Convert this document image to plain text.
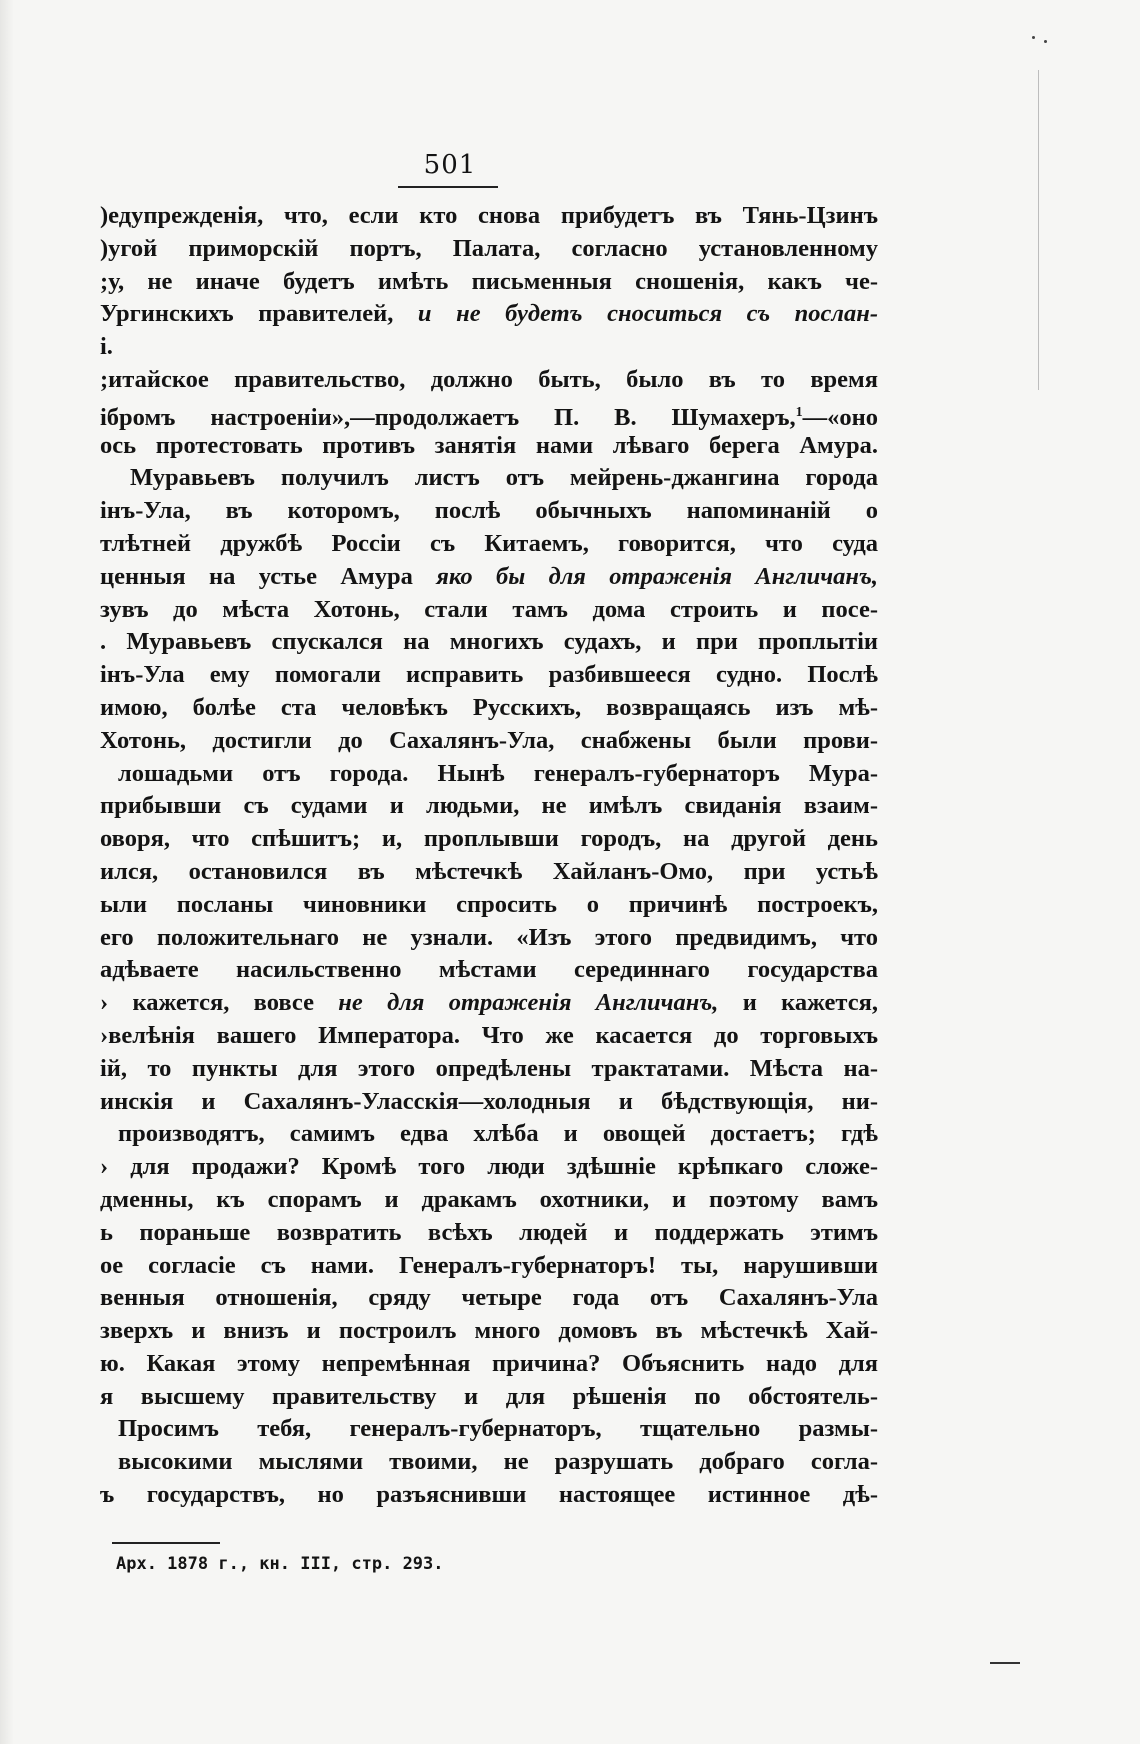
501
)едупрежденія, что, если кто снова прибудетъ въ Тянь-Цзинъ
)угой приморскій портъ, Палата, согласно установленному
;у, не иначе будетъ имѣть письменныя сношенія, какъ че-
Ургинскихъ правителей, и не будетъ сноситься съ послан-
і.
;итайское правительство, должно быть, было въ то время
ібромъ настроеніи»,—продолжаетъ П. В. Шумахеръ,$^1$—«оно
ось протестовать противъ занятія нами лѣваго берега Амура.
Муравьевъ получилъ листъ отъ мейрень-джангина города
інъ-Ула, въ которомъ, послѣ обычныхъ напоминаній о
тлѣтней дружбѣ Россіи съ Китаемъ, говорится, что суда
ценныя на устье Амура яко бы для отраженія Англичанъ,
зувъ до мѣста Хотонь, стали тамъ дома строить и посе-
. Муравьевъ спускался на многихъ судахъ, и при проплытіи
інъ-Ула ему помогали исправить разбившееся судно. Послѣ
имою, болѣе ста человѣкъ Русскихъ, возвращаясь изъ мѣ-
Хотонь, достигли до Сахалянъ-Ула, снабжены были прови-
лошадьми отъ города. Нынѣ генералъ-губернаторъ Мура-
прибывши съ судами и людьми, не имѣлъ свиданія взаим-
оворя, что спѣшитъ; и, проплывши городъ, на другой день
ился, остановился въ мѣстечкѣ Хайланъ-Омо, при устьѣ
ыли посланы чиновники спросить о причинѣ построекъ,
его положительнаго не узнали. «Изъ этого предвидимъ, что
адѣваете насильственно мѣстами серединнаго государства
› кажется, вовсе не для отраженія Англичанъ, и кажется,
›велѣнія вашего Императора. Что же касается до торговыхъ
ій, то пункты для этого опредѣлены трактатами. Мѣста на-
инскія и Сахалянъ-Уласскія—холодныя и бѣдствующія, ни-
производятъ, самимъ едва хлѣба и овощей достаетъ; гдѣ
› для продажи? Кромѣ того люди здѣшніе крѣпкаго сложе-
дменны, къ спорамъ и дракамъ охотники, и поэтому вамъ
ь пораньше возвратить всѣхъ людей и поддержать этимъ
ое согласіе съ нами. Генералъ-губернаторъ! ты, нарушивши
венныя отношенія, сряду четыре года отъ Сахалянъ-Ула
зверхъ и внизъ и построилъ много домовъ въ мѣстечкѣ Хай-
ю. Какая этому непремѣнная причина? Объяснить надо для
я высшему правительству и для рѣшенія по обстоятель-
Просимъ тебя, генералъ-губернаторъ, тщательно размы-
высокими мыслями твоими, не разрушать добраго согла-
ъ государствъ, но разъяснивши настоящее истинное дѣ-
Арх. 1878 г., кн. III, стр. 293.
